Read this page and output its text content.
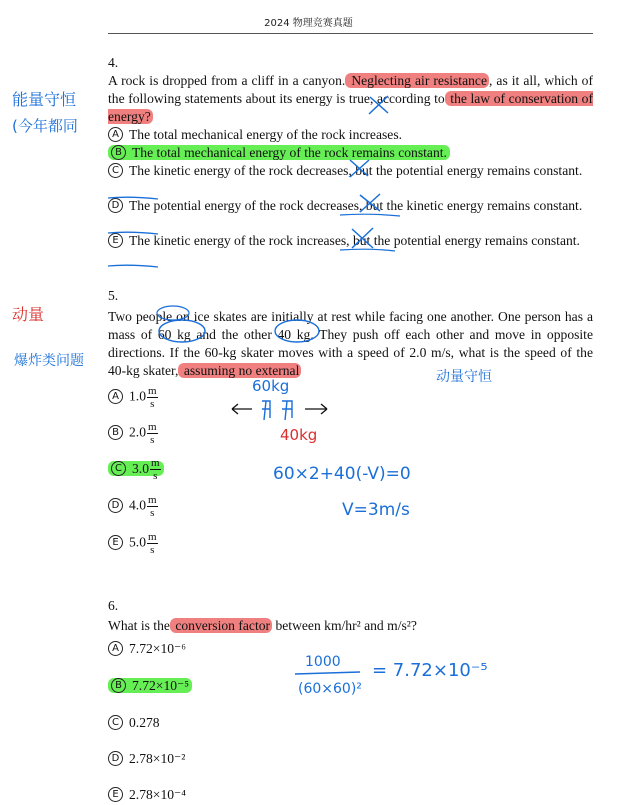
2024 物理竞赛真题
4.
A rock is dropped from a cliff in a canyon. Neglecting air resistance , as it all, which of the following statements about its energy is true, according to the law of conservation of energy?
A The total mechanical energy of the rock increases.
B The total mechanical energy of the rock remains constant.
C The kinetic energy of the rock decreases, but the potential energy remains constant.
D The potential energy of the rock decreases, but the kinetic energy remains constant.
E The kinetic energy of the rock increases, but the potential energy remains constant.
5.
Two people on ice skates are initially at rest while facing one another. One person has a mass of 60 kg and the other 40 kg. They push off each other and move in opposite directions. If the 60-kg skater moves with a speed of 2.0 m/s, what is the speed of the 40-kg skater, assuming no external
A $1.0 \frac{m}{s}$
B $2.0 \frac{m}{s}$
C $3.0 \frac{m}{s}$
D $4.0 \frac{m}{s}$
E $5.0 \frac{m}{s}$
6.
What is the conversion factor between km/hr² and m/s²?
A 7.72×10⁻⁶
B 7.72×10⁻⁵
C 0.278
D 2.78×10⁻²
E 2.78×10⁻⁴
能量守恒
(今年都同
动量
爆炸类问题
动量守恒
60kg
40kg
60×2+40(-V)=0
V=3m/s
1000
(60×60)²
= 7.72×10⁻⁵
